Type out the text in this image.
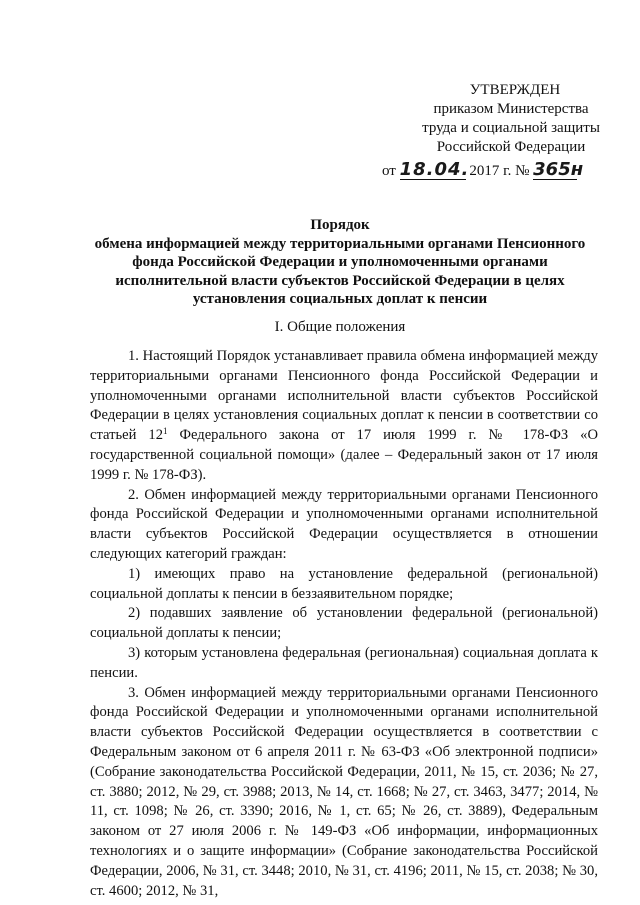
УТВЕРЖДЕН
приказом Министерства
труда и социальной защиты
Российской Федерации
от 18.04. 2017 г. № 365н
Порядок
обмена информацией между территориальными органами Пенсионного
фонда Российской Федерации и уполномоченными органами
исполнительной власти субъектов Российской Федерации в целях
установления социальных доплат к пенсии
I. Общие положения

1. Настоящий Порядок устанавливает правила обмена информацией между территориальными органами Пенсионного фонда Российской Федерации и уполномоченными органами исполнительной власти субъектов Российской Федерации в целях установления социальных доплат к пенсии в соответствии со статьей $12^1$ Федерального закона от 17 июля 1999 г. № 178-ФЗ «О государственной социальной помощи» (далее – Федеральный закон от 17 июля 1999 г. № 178-ФЗ).

2. Обмен информацией между территориальными органами Пенсионного фонда Российской Федерации и уполномоченными органами исполнительной власти субъектов Российской Федерации осуществляется в отношении следующих категорий граждан:

1) имеющих право на установление федеральной (региональной) социальной доплаты к пенсии в беззаявительном порядке;

2) подавших заявление об установлении федеральной (региональной) социальной доплаты к пенсии;

3) которым установлена федеральная (региональная) социальная доплата к пенсии.

3. Обмен информацией между территориальными органами Пенсионного фонда Российской Федерации и уполномоченными органами исполнительной власти субъектов Российской Федерации осуществляется в соответствии с Федеральным законом от 6 апреля 2011 г. № 63-ФЗ «Об электронной подписи» (Собрание законодательства Российской Федерации, 2011, № 15, ст. 2036; № 27, ст. 3880; 2012, № 29, ст. 3988; 2013, № 14, ст. 1668; № 27, ст. 3463, 3477; 2014, № 11, ст. 1098; № 26, ст. 3390; 2016, № 1, ст. 65; № 26, ст. 3889), Федеральным законом от 27 июля 2006 г. № 149-ФЗ «Об информации, информационных технологиях и о защите информации» (Собрание законодательства Российской Федерации, 2006, № 31, ст. 3448; 2010, № 31, ст. 4196; 2011, № 15, ст. 2038; № 30, ст. 4600; 2012, № 31,
